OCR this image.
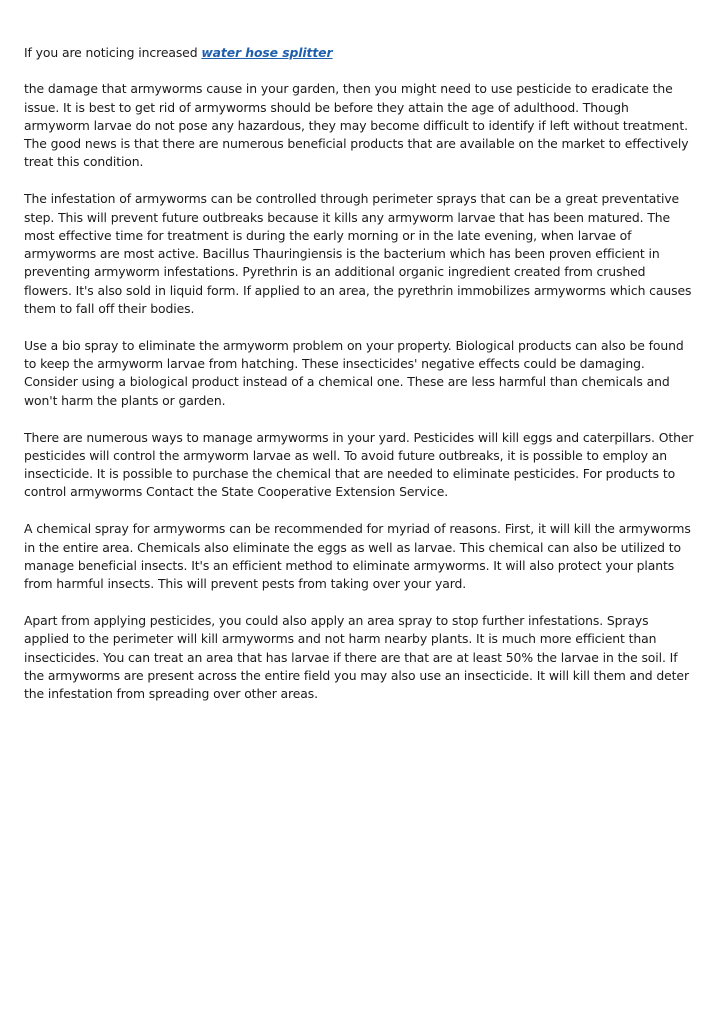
If you are noticing increased water hose splitter

the damage that armyworms cause in your garden, then you might need to use pesticide to eradicate the issue. It is best to get rid of armyworms should be before they attain the age of adulthood. Though armyworm larvae do not pose any hazardous, they may become difficult to identify if left without treatment. The good news is that there are numerous beneficial products that are available on the market to effectively treat this condition.

The infestation of armyworms can be controlled through perimeter sprays that can be a great preventative step. This will prevent future outbreaks because it kills any armyworm larvae that has been matured. The most effective time for treatment is during the early morning or in the late evening, when larvae of armyworms are most active. Bacillus Thauringiensis is the bacterium which has been proven efficient in preventing armyworm infestations. Pyrethrin is an additional organic ingredient created from crushed flowers. It's also sold in liquid form. If applied to an area, the pyrethrin immobilizes armyworms which causes them to fall off their bodies.

Use a bio spray to eliminate the armyworm problem on your property. Biological products can also be found to keep the armyworm larvae from hatching. These insecticides' negative effects could be damaging. Consider using a biological product instead of a chemical one. These are less harmful than chemicals and won't harm the plants or garden.

There are numerous ways to manage armyworms in your yard. Pesticides will kill eggs and caterpillars. Other pesticides will control the armyworm larvae as well. To avoid future outbreaks, it is possible to employ an insecticide. It is possible to purchase the chemical that are needed to eliminate pesticides. For products to control armyworms Contact the State Cooperative Extension Service.

A chemical spray for armyworms can be recommended for myriad of reasons. First, it will kill the armyworms in the entire area. Chemicals also eliminate the eggs as well as larvae. This chemical can also be utilized to manage beneficial insects. It's an efficient method to eliminate armyworms. It will also protect your plants from harmful insects. This will prevent pests from taking over your yard.

Apart from applying pesticides, you could also apply an area spray to stop further infestations. Sprays applied to the perimeter will kill armyworms and not harm nearby plants. It is much more efficient than insecticides. You can treat an area that has larvae if there are that are at least 50% the larvae in the soil. If the armyworms are present across the entire field you may also use an insecticide. It will kill them and deter the infestation from spreading over other areas.
